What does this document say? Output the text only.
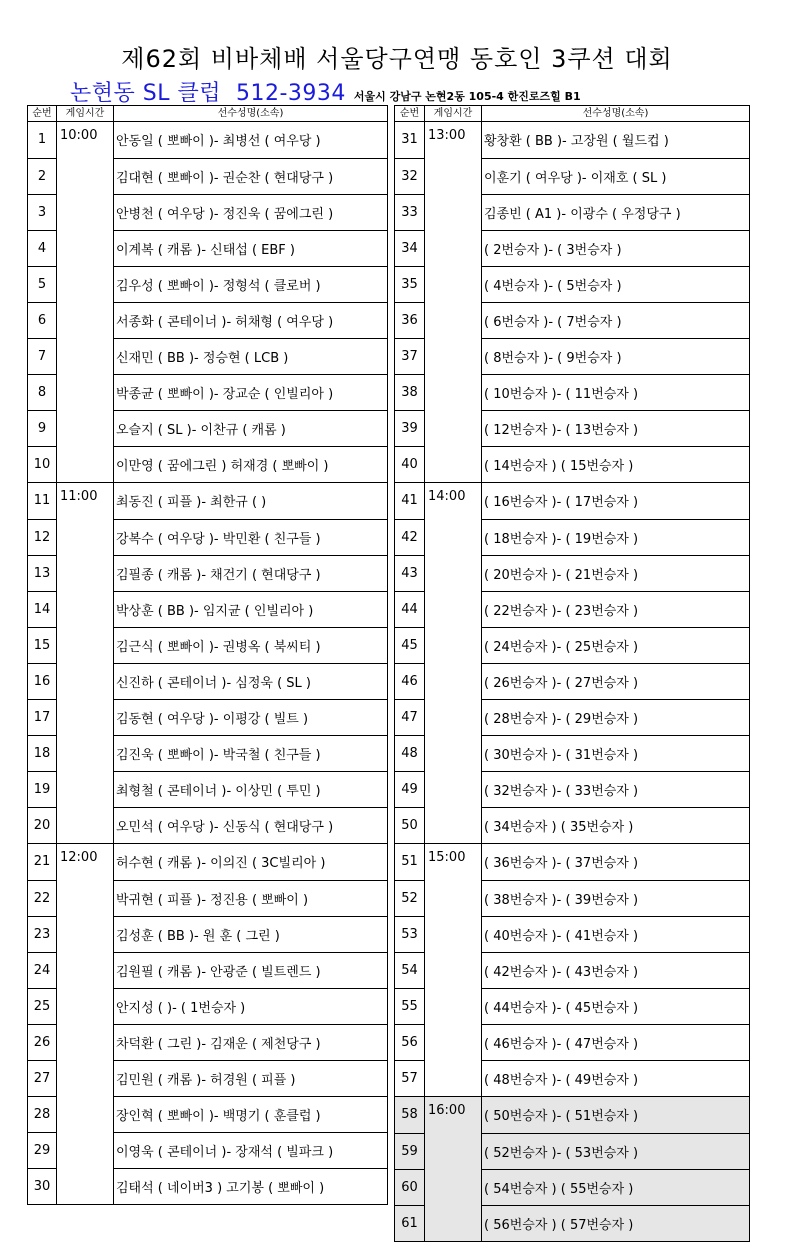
제62회 비바체배 서울당구연맹 동호인 3쿠션 대회
논현동 SL 클럽  512-3934 서울시 강남구 논현2동 105-4 한진로즈힐 B1
순번	게임시간	선수성명(소속)
1	10:00	안동일 ( 뽀빠이 )- 최병선 ( 여우당 )
2		김대현 ( 뽀빠이 )- 권순찬 ( 현대당구 )
3		안병천 ( 여우당 )- 정진욱 ( 꿈에그린 )
4		이계복 ( 캐롬 )- 신태섭 ( EBF )
5		김우성 ( 뽀빠이 )- 정형석 ( 클로버 )
6		서종화 ( 콘테이너 )- 허채형 ( 여우당 )
7		신재민 ( BB )- 정승현 ( LCB )
8		박종균 ( 뽀빠이 )- 장교순 ( 인빌리아 )
9		오슬지 ( SL )- 이찬규 ( 캐롬 )
10		이만영 ( 꿈에그린 ) 허재경 ( 뽀빠이 )
11	11:00	최동진 ( 피플 )- 최한규 ( )
12		강복수 ( 여우당 )- 박민환 ( 친구들 )
13		김필종 ( 캐롬 )- 채건기 ( 현대당구 )
14		박상훈 ( BB )- 임지균 ( 인빌리아 )
15		김근식 ( 뽀빠이 )- 권병옥 ( 북씨티 )
16		신진하 ( 콘테이너 )- 심정욱 ( SL )
17		김동현 ( 여우당 )- 이평강 ( 빌트 )
18		김진욱 ( 뽀빠이 )- 박국철 ( 친구들 )
19		최형철 ( 콘테이너 )- 이상민 ( 투민 )
20		오민석 ( 여우당 )- 신동식 ( 현대당구 )
21	12:00	허수현 ( 캐롬 )- 이의진 ( 3C빌리아 )
22		박귀현 ( 피플 )- 정진용 ( 뽀빠이 )
23		김성훈 ( BB )- 원 훈 ( 그린 )
24		김원필 ( 캐롬 )- 안광준 ( 빌트렌드 )
25		안지성 ( )- ( 1번승자 )
26		차덕환 ( 그린 )- 김재운 ( 제천당구 )
27		김민원 ( 캐롬 )- 허경원 ( 피플 )
28		장인혁 ( 뽀빠이 )- 백명기 ( 훈클럽 )
29		이영욱 ( 콘테이너 )- 장재석 ( 빌파크 )
30		김태석 ( 네이버3 ) 고기봉 ( 뽀빠이 )
순번	게임시간	선수성명(소속)
31	13:00	황창환 ( BB )- 고장원 ( 월드컵 )
32		이훈기 ( 여우당 )- 이재호 ( SL )
33		김종빈 ( A1 )- 이광수 ( 우정당구 )
34		( 2번승자 )- ( 3번승자 )
35		( 4번승자 )- ( 5번승자 )
36		( 6번승자 )- ( 7번승자 )
37		( 8번승자 )- ( 9번승자 )
38		( 10번승자 )- ( 11번승자 )
39		( 12번승자 )- ( 13번승자 )
40		( 14번승자 ) ( 15번승자 )
41	14:00	( 16번승자 )- ( 17번승자 )
42		( 18번승자 )- ( 19번승자 )
43		( 20번승자 )- ( 21번승자 )
44		( 22번승자 )- ( 23번승자 )
45		( 24번승자 )- ( 25번승자 )
46		( 26번승자 )- ( 27번승자 )
47		( 28번승자 )- ( 29번승자 )
48		( 30번승자 )- ( 31번승자 )
49		( 32번승자 )- ( 33번승자 )
50		( 34번승자 ) ( 35번승자 )
51	15:00	( 36번승자 )- ( 37번승자 )
52		( 38번승자 )- ( 39번승자 )
53		( 40번승자 )- ( 41번승자 )
54		( 42번승자 )- ( 43번승자 )
55		( 44번승자 )- ( 45번승자 )
56		( 46번승자 )- ( 47번승자 )
57		( 48번승자 )- ( 49번승자 )
58	16:00	( 50번승자 )- ( 51번승자 )
59		( 52번승자 )- ( 53번승자 )
60		( 54번승자 ) ( 55번승자 )
61		( 56번승자 ) ( 57번승자 )
